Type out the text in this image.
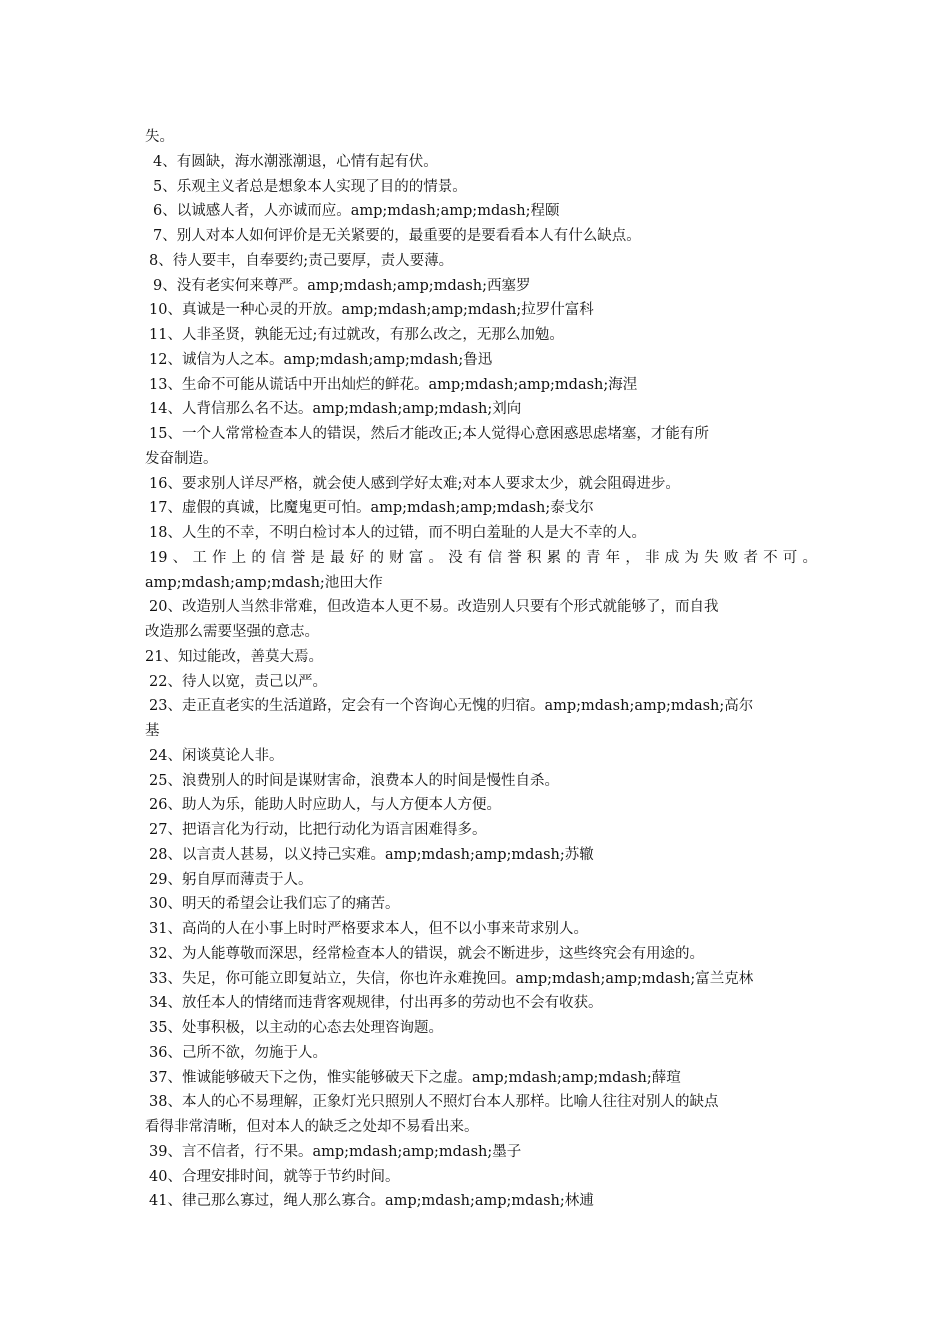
失。
4、有圆缺，海水潮涨潮退，心情有起有伏。
5、乐观主义者总是想象本人实现了目的的情景。
6、以诚感人者，人亦诚而应。amp;mdash;amp;mdash;程颐
7、别人对本人如何评价是无关紧要的，最重要的是要看看本人有什么缺点。
8、待人要丰，自奉要约;责己要厚，责人要薄。
9、没有老实何来尊严。amp;mdash;amp;mdash;西塞罗
10、真诚是一种心灵的开放。amp;mdash;amp;mdash;拉罗什富科
11、人非圣贤，孰能无过;有过就改，有那么改之，无那么加勉。
12、诚信为人之本。amp;mdash;amp;mdash;鲁迅
13、生命不可能从谎话中开出灿烂的鲜花。amp;mdash;amp;mdash;海涅
14、人背信那么名不达。amp;mdash;amp;mdash;刘向
15、一个人常常检查本人的错误，然后才能改正;本人觉得心意困惑思虑堵塞，才能有所
发奋制造。
16、要求别人详尽严格，就会使人感到学好太难;对本人要求太少，就会阻碍进步。
17、虚假的真诚，比魔鬼更可怕。amp;mdash;amp;mdash;泰戈尔
18、人生的不幸，不明白检讨本人的过错，而不明白羞耻的人是大不幸的人。
19、工作上的信誉是最好的财富。没有信誉积累的青年，非成为失败者不可。
amp;mdash;amp;mdash;池田大作
20、改造别人当然非常难，但改造本人更不易。改造别人只要有个形式就能够了，而自我
改造那么需要坚强的意志。
21、知过能改，善莫大焉。
22、待人以宽，责己以严。
23、走正直老实的生活道路，定会有一个咨询心无愧的归宿。amp;mdash;amp;mdash;高尔
基
24、闲谈莫论人非。
25、浪费别人的时间是谋财害命，浪费本人的时间是慢性自杀。
26、助人为乐，能助人时应助人，与人方便本人方便。
27、把语言化为行动，比把行动化为语言困难得多。
28、以言责人甚易，以义持己实难。amp;mdash;amp;mdash;苏辙
29、躬自厚而薄责于人。
30、明天的希望会让我们忘了的痛苦。
31、高尚的人在小事上时时严格要求本人，但不以小事来苛求别人。
32、为人能尊敬而深思，经常检查本人的错误，就会不断进步，这些终究会有用途的。
33、失足，你可能立即复站立，失信，你也许永难挽回。amp;mdash;amp;mdash;富兰克林
34、放任本人的情绪而违背客观规律，付出再多的劳动也不会有收获。
35、处事积极，以主动的心态去处理咨询题。
36、己所不欲，勿施于人。
37、惟诚能够破天下之伪，惟实能够破天下之虚。amp;mdash;amp;mdash;薛瑄
38、本人的心不易理解，正象灯光只照别人不照灯台本人那样。比喻人往往对别人的缺点
看得非常清晰，但对本人的缺乏之处却不易看出来。
39、言不信者，行不果。amp;mdash;amp;mdash;墨子
40、合理安排时间，就等于节约时间。
41、律己那么寡过，绳人那么寡合。amp;mdash;amp;mdash;林逋
